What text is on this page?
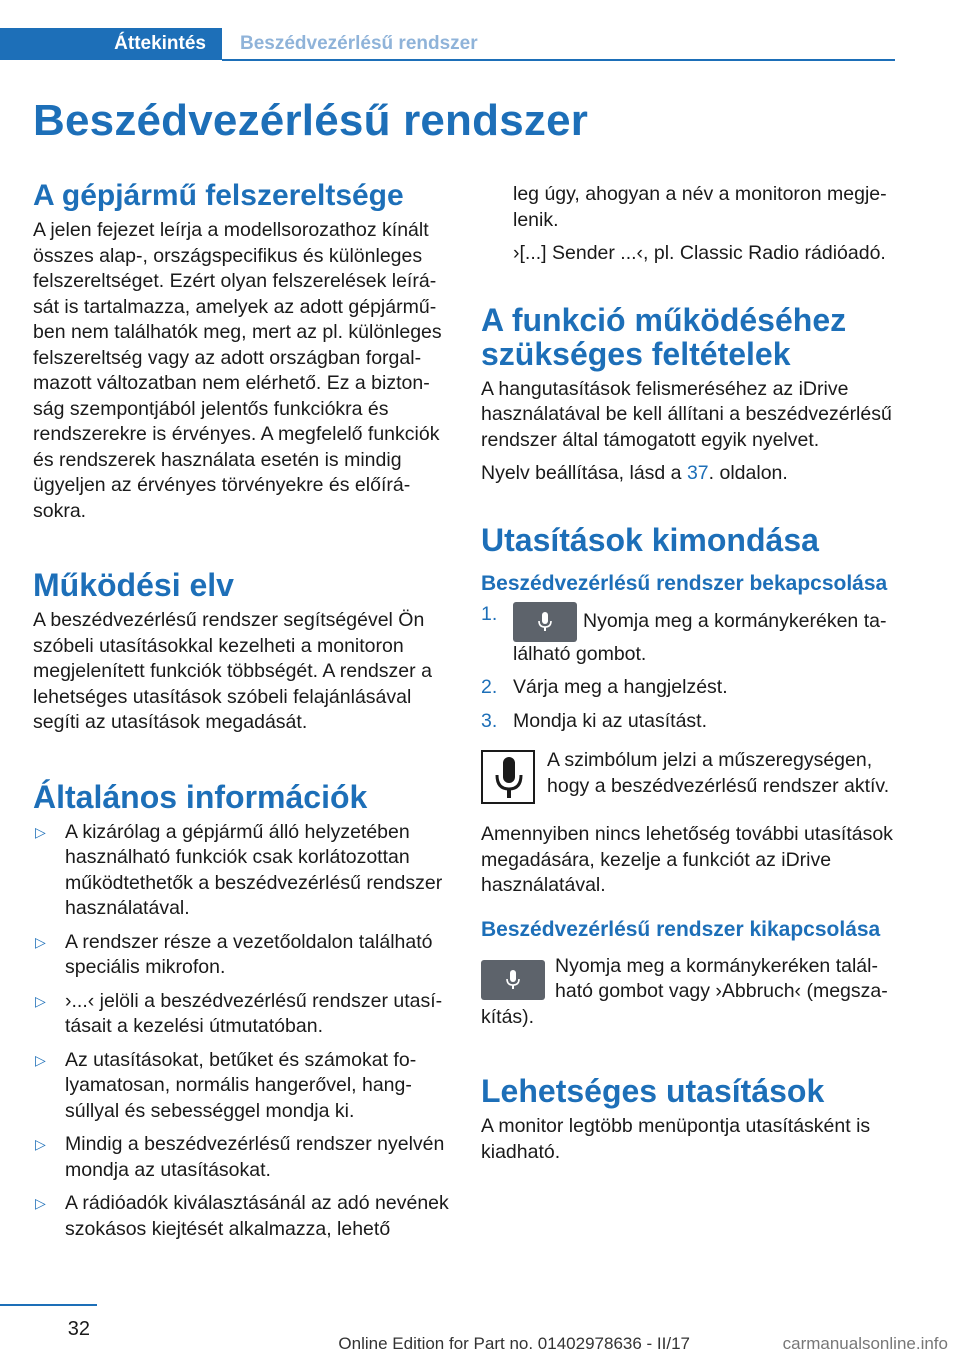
Áttekintés	Beszédvezérlésű rendszer
Beszédvezérlésű rendszer
A gépjármű felszereltsége

A jelen fejezet leírja a modellsorozathoz kínált összes alap-, országspecifikus és különleges felszereltséget. Ezért olyan felszerelések leírását is tartalmazza, amelyek az adott gépjárműben nem találhatók meg, mert az pl. különleges felszereltség vagy az adott országban forgalmazott változatban nem elérhető. Ez a biztonság szempontjából jelentős funkciókra és rendszerekre is érvényes. A megfelelő funkciók és rendszerek használata esetén is mindig ügyeljen az érvényes törvényekre és előírásokra.

Működési elv

A beszédvezérlésű rendszer segítségével Ön szóbeli utasításokkal kezelheti a monitoron megjelenített funkciók többségét. A rendszer a lehetséges utasítások szóbeli felajánlásával segíti az utasítások megadását.

Általános információk
▷ A kizárólag a gépjármű álló helyzetében használható funkciók csak korlátozottan működtethetők a beszédvezérlésű rendszer használatával.
▷ A rendszer része a vezetőoldalon található speciális mikrofon.
▷ ›...‹ jelöli a beszédvezérlésű rendszer utasításait a kezelési útmutatóban.
▷ Az utasításokat, betűket és számokat folyamatosan, normális hangerővel, hangsúllyal és sebességgel mondja ki.
▷ Mindig a beszédvezérlésű rendszer nyelvén mondja az utasításokat.
▷ A rádióadók kiválasztásánál az adó nevének szokásos kiejtését alkalmazza, lehető

leg úgy, ahogyan a név a monitoron megjelenik.

›[...] Sender ...‹, pl. Classic Radio rádióadó.

A funkció működéséhez szükséges feltételek

A hangutasítások felismeréséhez az iDrive használatával be kell állítani a beszédvezérlésű rendszer által támogatott egyik nyelvet.

Nyelv beállítása, lásd a 37. oldalon.

Utasítások kimondása
Beszédvezérlésű rendszer bekapcsolása
1.	Nyomja meg a kormánykeréken található gombot.
2. Várja meg a hangjelzést.
3. Mondja ki az utasítást.
A szimbólum jelzi a műszeregységen, hogy a beszédvezérlésű rendszer aktív.

Amennyiben nincs lehetőség további utasítások megadására, kezelje a funkciót az iDrive használatával.

Beszédvezérlésű rendszer kikapcsolása
Nyomja meg a kormánykeréken található gombot vagy ›Abbruch‹ (megszakítás).
Lehetséges utasítások

A monitor legtöbb menüpontja utasításként is kiadható.

32
Online Edition for Part no. 01402978636 - II/17	carmanualsonline.info
